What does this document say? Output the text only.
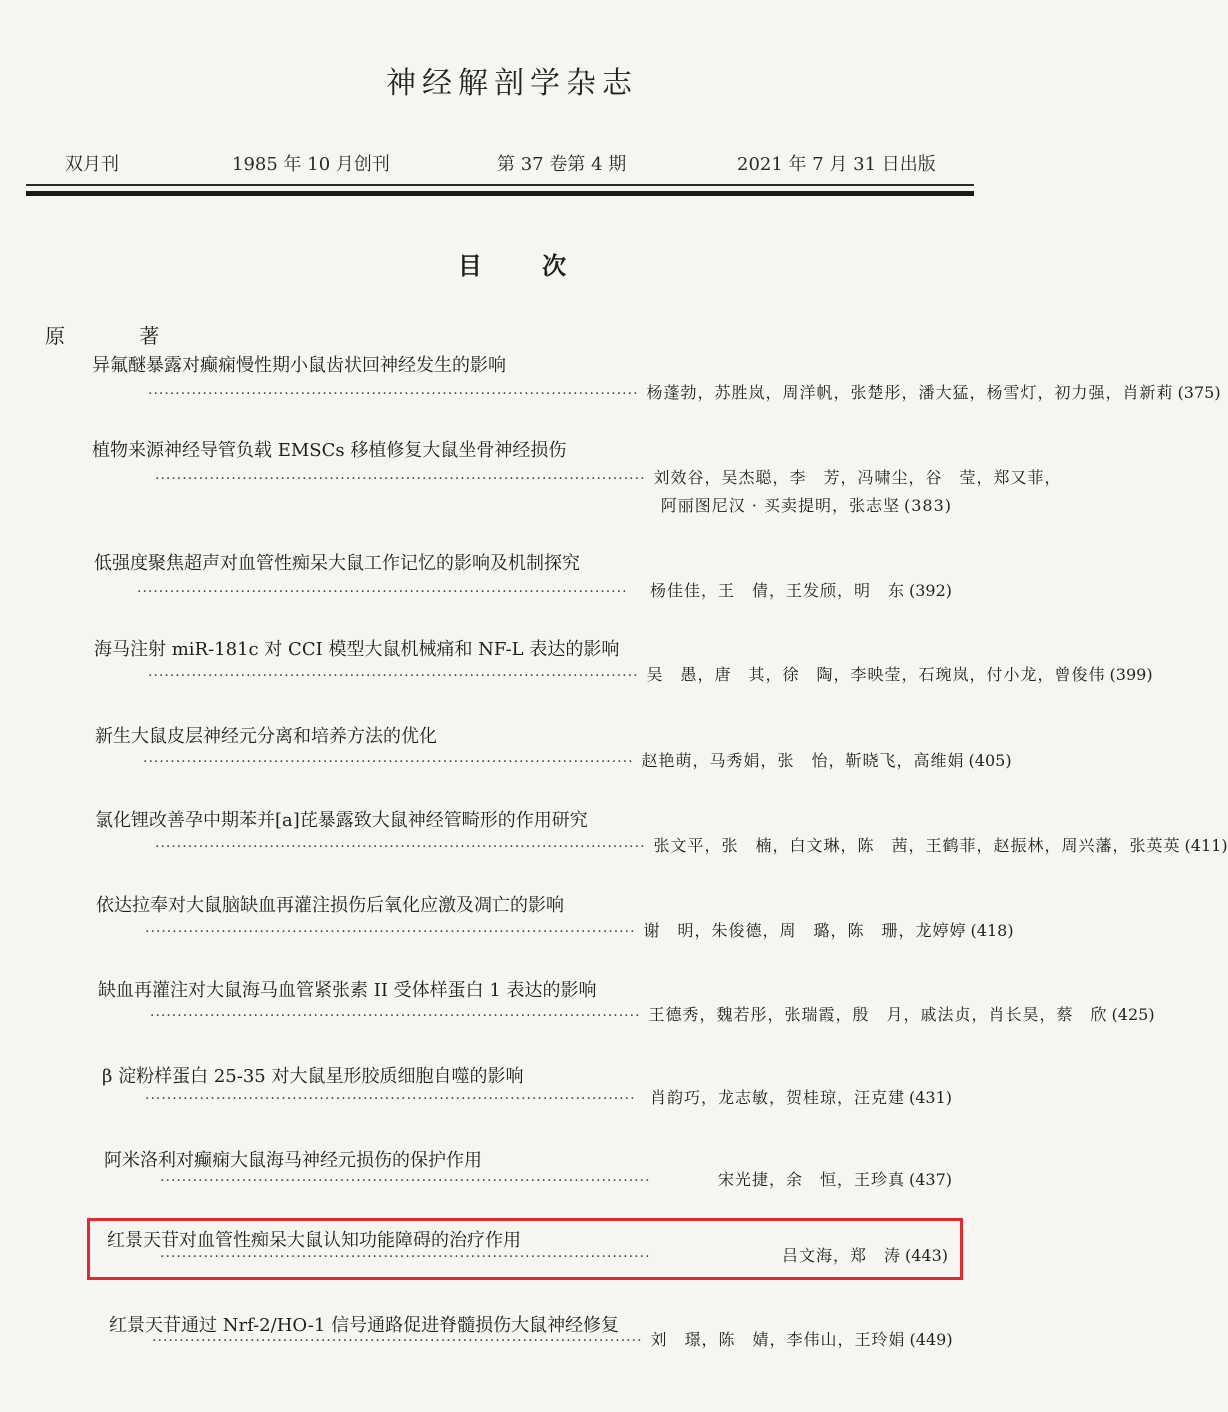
神经解剖学杂志
双月刊	1985 年 10 月创刊	第 37 卷第 4 期	2021 年 7 月 31 日出版
目 次
原 著
异氟醚暴露对癫痫慢性期小鼠齿状回神经发生的影响
·························································································· 杨蓬勃，苏胜岚，周洋帆，张楚彤，潘大猛，杨雪灯，初力强，肖新莉 (375)
植物来源神经导管负载 EMSCs 移植修复大鼠坐骨神经损伤
·························································································· 刘效谷，吴杰聪，李　芳，冯啸尘，谷　莹，郑又菲，
阿丽图尼汉 · 买卖提明，张志坚 (383)
低强度聚焦超声对血管性痴呆大鼠工作记忆的影响及机制探究
··························································································	杨佳佳，王　倩，王发颀，明　东 (392)
海马注射 miR-181c 对 CCI 模型大鼠机械痛和 NF-L 表达的影响
·························································································· 吴　愚，唐　其，徐　陶，李映莹，石琬岚，付小龙，曾俊伟 (399)
新生大鼠皮层神经元分离和培养方法的优化
·························································································· 赵艳萌，马秀娟，张　怡，靳晓飞，高维娟 (405)
氯化锂改善孕中期苯并[a]芘暴露致大鼠神经管畸形的作用研究
·························································································· 张文平，张　楠，白文琳，陈　茜，王鹤菲，赵振林，周兴藩，张英英 (411)
依达拉奉对大鼠脑缺血再灌注损伤后氧化应激及凋亡的影响
·························································································· 谢　明，朱俊德，周　璐，陈　珊，龙婷婷 (418)
缺血再灌注对大鼠海马血管紧张素 II 受体样蛋白 1 表达的影响
·························································································· 王德秀，魏若彤，张瑞霞，殷　月，戚法贞，肖长昊，蔡　欣 (425)
β 淀粉样蛋白 25-35 对大鼠星形胶质细胞自噬的影响
·························································································· 肖韵巧，龙志敏，贺桂琼，汪克建 (431)
阿米洛利对癫痫大鼠海马神经元损伤的保护作用
··························································································	宋光捷，余　恒，王珍真 (437)
红景天苷对血管性痴呆大鼠认知功能障碍的治疗作用
··························································································	吕文海，郑　涛 (443)
红景天苷通过 Nrf-2/HO-1 信号通路促进脊髓损伤大鼠神经修复
·························································································· 刘　璟，陈　婧，李伟山，王玲娟 (449)
